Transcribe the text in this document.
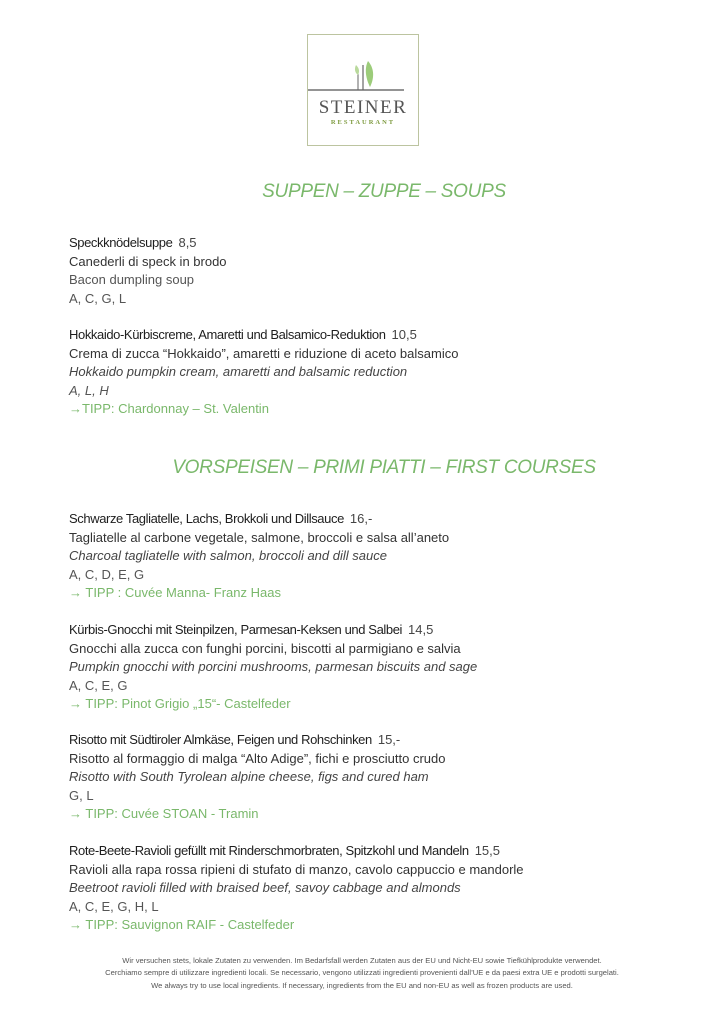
STEINER
RESTAURANT
SUPPEN – ZUPPE – SOUPS
Speckknödelsuppe 8,5
Canederli di speck in brodo
Bacon dumpling soup
A, C, G, L
Hokkaido-Kürbiscreme, Amaretti und Balsamico-Reduktion 10,5
Crema di zucca “Hokkaido”, amaretti e riduzione di aceto balsamico
Hokkaido pumpkin cream, amaretti and balsamic reduction
A, L, H
→TIPP: Chardonnay – St. Valentin
VORSPEISEN – PRIMI PIATTI – FIRST COURSES
Schwarze Tagliatelle, Lachs, Brokkoli und Dillsauce 16,-
Tagliatelle al carbone vegetale, salmone, broccoli e salsa all’aneto
Charcoal tagliatelle with salmon, broccoli and dill sauce
A, C, D, E, G
→ TIPP : Cuvée Manna- Franz Haas
Kürbis-Gnocchi mit Steinpilzen, Parmesan-Keksen und Salbei 14,5
Gnocchi alla zucca con funghi porcini, biscotti al parmigiano e salvia
Pumpkin gnocchi with porcini mushrooms, parmesan biscuits and sage
A, C, E, G
→ TIPP: Pinot Grigio „15“- Castelfeder
Risotto mit Südtiroler Almkäse, Feigen und Rohschinken 15,-
Risotto al formaggio di malga “Alto Adige”, fichi e prosciutto crudo
Risotto with South Tyrolean alpine cheese, figs and cured ham
G, L
→ TIPP: Cuvée STOAN - Tramin
Rote-Beete-Ravioli gefüllt mit Rinderschmorbraten, Spitzkohl und Mandeln 15,5
Ravioli alla rapa rossa ripieni di stufato di manzo, cavolo cappuccio e mandorle
Beetroot ravioli filled with braised beef, savoy cabbage and almonds
A, C, E, G, H, L
→ TIPP: Sauvignon RAIF - Castelfeder
Wir versuchen stets, lokale Zutaten zu verwenden. Im Bedarfsfall werden Zutaten aus der EU und Nicht-EU sowie Tiefkühlprodukte verwendet.
Cerchiamo sempre di utilizzare ingredienti locali. Se necessario, vengono utilizzati ingredienti provenienti dall’UE e da paesi extra UE e prodotti surgelati.
We always try to use local ingredients. If necessary, ingredients from the EU and non-EU as well as frozen products are used.
